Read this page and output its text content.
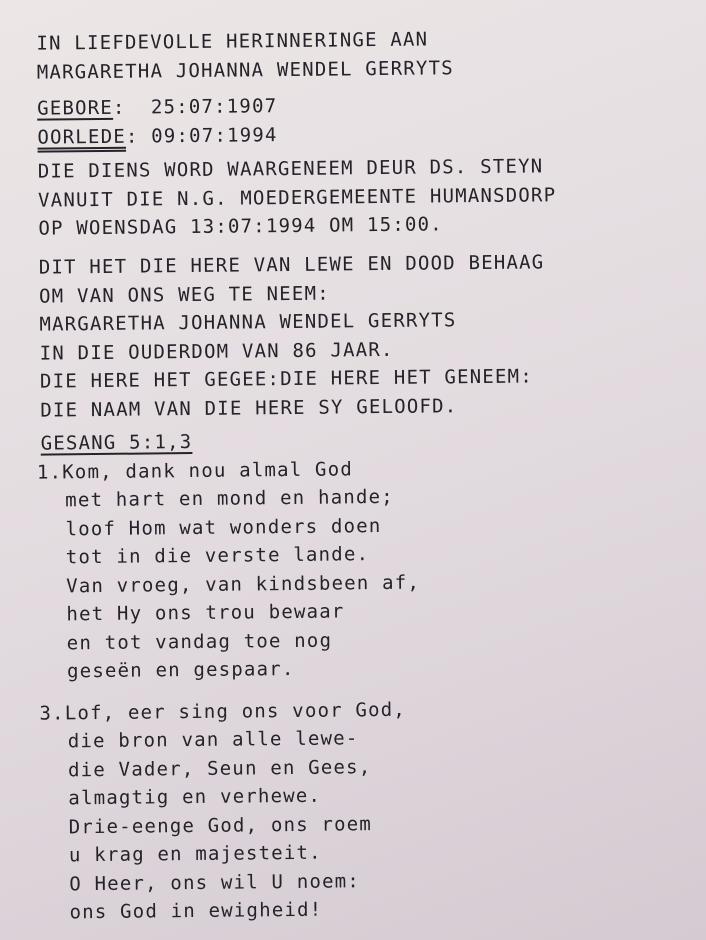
IN LIEFDEVOLLE HERINNERINGE AAN
MARGARETHA JOHANNA WENDEL GERRYTS
GEBORE:  25:07:1907
OORLEDE: 09:07:1994
DIE DIENS WORD WAARGENEEM DEUR DS. STEYN
VANUIT DIE N.G. MOEDERGEMEENTE HUMANSDORP
OP WOENSDAG 13:07:1994 OM 15:00.
DIT HET DIE HERE VAN LEWE EN DOOD BEHAAG
OM VAN ONS WEG TE NEEM:
MARGARETHA JOHANNA WENDEL GERRYTS
IN DIE OUDERDOM VAN 86 JAAR.
DIE HERE HET GEGEE:DIE HERE HET GENEEM:
DIE NAAM VAN DIE HERE SY GELOOFD.
GESANG 5:1,3
1.Kom, dank nou almal God
met hart en mond en hande;
loof Hom wat wonders doen
tot in die verste lande.
Van vroeg, van kindsbeen af,
het Hy ons trou bewaar
en tot vandag toe nog
geseën en gespaar.
3.Lof, eer sing ons voor God,
die bron van alle lewe-
die Vader, Seun en Gees,
almagtig en verhewe.
Drie-eenge God, ons roem
u krag en majesteit.
O Heer, ons wil U noem:
ons God in ewigheid!
